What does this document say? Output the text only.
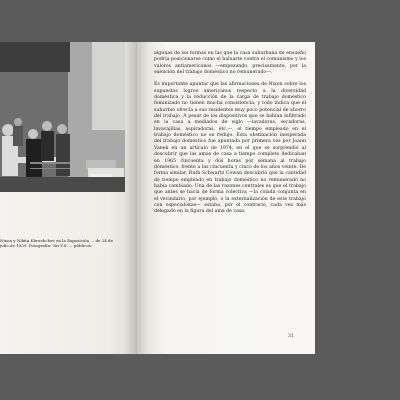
Nixon y Nikita Khrushchev en la Exposición ... de 24 de julio de 1959. Fotografía: Tat Y.S. ... públicos.

algunas de las formas en las que la casa suburbana de ensueño podría posicionarse como el baluarte contra el comunismo y los valores antiamericanos —empezando, precisamente, por la exención del trabajo doméstico no remunerado—.

Es importante apuntar que las afirmaciones de Nixon sobre los supuestos logros americanos respecto a la diversidad doméstica y la reducción de la carga de trabajo doméstico feminizado no tienen mucha consistencia, y todo indica que el suburbio ofrecía a sus residentes muy poco potencial de ahorro del trabajo. A pesar de los dispositivos que se habían infiltrado en la casa a mediados de siglo —lavadoras, secadoras, lavavajillas, aspiradoras, etc.—, el tiempo empleado en el trabajo doméstico no se redujo. Esta obstinación inesperada del trabajo doméstico fue apuntada por primera vez por Joann Vanek en un artículo de 1974, en el que se sorprendió al descubrir que las amas de casa a tiempo completo dedicaban en 1965 cincuenta y dos horas por semana al trabajo doméstico, frente a las cincuenta y cinco de los años veinte. De forma similar, Ruth Schwartz Cowan descubrió que la cantidad de tiempo empleado en trabajo doméstico no remunerado no había cambiado. Una de las razones centrales es que el trabajo que antes se hacía de forma colectiva —la colada conjunta en el vecindario, por ejemplo, o la externalización de este trabajo con especialistas— estaba, por el contrario, cada vez más delegado en la figura del ama de casa.

31
